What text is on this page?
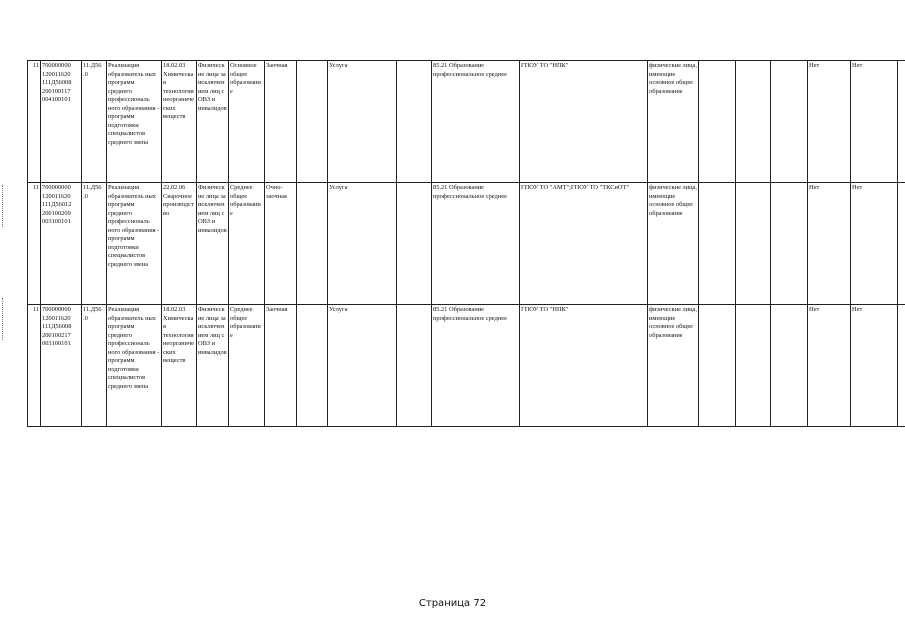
11	700000000 120011620 111Д56008 200100117 004100101	11.Д56 .0	Реализация образователь ных программ среднего профессиональ ного образования - программ подготовки специалистов среднего звена	18.02.03 Химическая технология неорганических веществ	Физические лица за исключением лиц с ОВЗ и инвалидов	Основное общее образование	Заочная		Услуга		85.21 Образование профессиональное среднее	ГПОУ ТО "НПК"	физические лица, имеющие основное общее образование				Нет	Нет	
11	700000000 120011620 111Д56012 200100209 003100101	11.Д56 .0	Реализация образователь ных программ среднего профессиональ ного образования - программ подготовки специалистов среднего звена	22.02.06 Сварочное производство	Физические лица за исключением лиц с ОВЗ и инвалидов	Среднее общее образование	Очно-заочная		Услуга		85.21 Образование профессиональное среднее	ГПОУ ТО "АМТ";ГПОУ ТО "ТКСиОТ"	физические лица, имеющие основное общее образование				Нет	Нет	
11	700000000 120011620 111Д56008 200100217 003100101	11.Д56 .0	Реализация образователь ных программ среднего профессиональ ного образования - программ подготовки специалистов среднего звена	18.02.03 Химическая технология неорганических веществ	Физические лица за исключением лиц с ОВЗ и инвалидов	Среднее общее образование	Заочная		Услуга		85.21 Образование профессиональное среднее	ГПОУ ТО "НПК"	физические лица, имеющие основное общее образование				Нет	Нет	
Страница 72
